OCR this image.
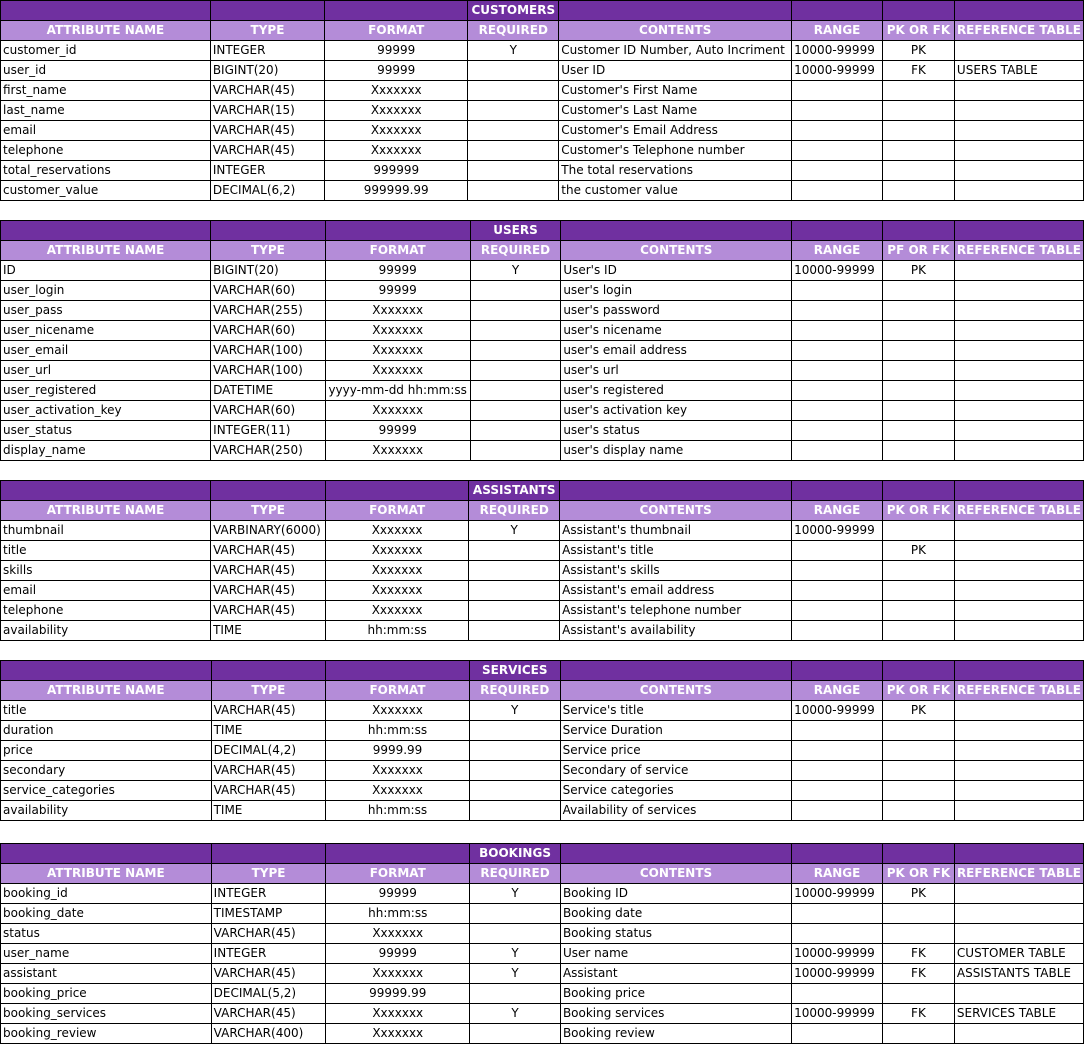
			CUSTOMERS				
ATTRIBUTE NAME	TYPE	FORMAT	REQUIRED	CONTENTS	RANGE	PK OR FK	REFERENCE TABLE
customer_id	INTEGER	99999	Y	Customer ID Number, Auto Incriment	10000-99999	PK	
user_id	BIGINT(20)	99999		User ID	10000-99999	FK	USERS TABLE
first_name	VARCHAR(45)	Xxxxxxx		Customer's First Name			
last_name	VARCHAR(15)	Xxxxxxx		Customer's Last Name			
email	VARCHAR(45)	Xxxxxxx		Customer's Email Address			
telephone	VARCHAR(45)	Xxxxxxx		Customer's Telephone number			
total_reservations	INTEGER	999999		The total reservations			
customer_value	DECIMAL(6,2)	999999.99		the customer value			
			USERS				
ATTRIBUTE NAME	TYPE	FORMAT	REQUIRED	CONTENTS	RANGE	PF OR FK	REFERENCE TABLE
ID	BIGINT(20)	99999	Y	User's ID	10000-99999	PK	
user_login	VARCHAR(60)	99999		user's login			
user_pass	VARCHAR(255)	Xxxxxxx		user's password			
user_nicename	VARCHAR(60)	Xxxxxxx		user's nicename			
user_email	VARCHAR(100)	Xxxxxxx		user's email address			
user_url	VARCHAR(100)	Xxxxxxx		user's url			
user_registered	DATETIME	yyyy-mm-dd hh:mm:ss		user's registered			
user_activation_key	VARCHAR(60)	Xxxxxxx		user's activation key			
user_status	INTEGER(11)	99999		user's status			
display_name	VARCHAR(250)	Xxxxxxx		user's display name			
			ASSISTANTS				
ATTRIBUTE NAME	TYPE	FORMAT	REQUIRED	CONTENTS	RANGE	PK OR FK	REFERENCE TABLE
thumbnail	VARBINARY(6000)	Xxxxxxx	Y	Assistant's thumbnail	10000-99999		
title	VARCHAR(45)	Xxxxxxx		Assistant's title		PK	
skills	VARCHAR(45)	Xxxxxxx		Assistant's skills			
email	VARCHAR(45)	Xxxxxxx		Assistant's email address			
telephone	VARCHAR(45)	Xxxxxxx		Assistant's telephone number			
availability	TIME	hh:mm:ss		Assistant's availability			
			SERVICES				
ATTRIBUTE NAME	TYPE	FORMAT	REQUIRED	CONTENTS	RANGE	PK OR FK	REFERENCE TABLE
title	VARCHAR(45)	Xxxxxxx	Y	Service's title	10000-99999	PK	
duration	TIME	hh:mm:ss		Service Duration			
price	DECIMAL(4,2)	9999.99		Service price			
secondary	VARCHAR(45)	Xxxxxxx		Secondary of service			
service_categories	VARCHAR(45)	Xxxxxxx		Service categories			
availability	TIME	hh:mm:ss		Availability of services			
			BOOKINGS				
ATTRIBUTE NAME	TYPE	FORMAT	REQUIRED	CONTENTS	RANGE	PK OR FK	REFERENCE TABLE
booking_id	INTEGER	99999	Y	Booking ID	10000-99999	PK	
booking_date	TIMESTAMP	hh:mm:ss		Booking date			
status	VARCHAR(45)	Xxxxxxx		Booking status			
user_name	INTEGER	99999	Y	User name	10000-99999	FK	CUSTOMER TABLE
assistant	VARCHAR(45)	Xxxxxxx	Y	Assistant	10000-99999	FK	ASSISTANTS TABLE
booking_price	DECIMAL(5,2)	99999.99		Booking price			
booking_services	VARCHAR(45)	Xxxxxxx	Y	Booking services	10000-99999	FK	SERVICES TABLE
booking_review	VARCHAR(400)	Xxxxxxx		Booking review			
